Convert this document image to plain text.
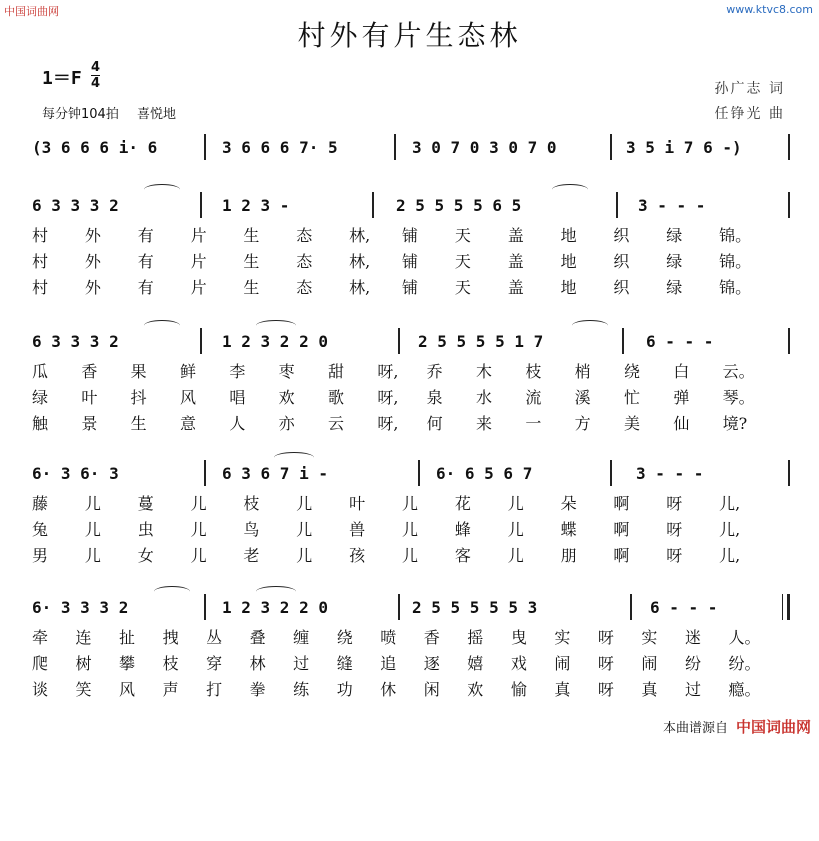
中国词曲网	www.ktvc8.com
村外有片生态林
$1=F \frac{4}{4}$
每分钟104拍 喜悦地
孙广志 词
任铮光 曲

(3 6 6 6 i· 6

	3 6 6 6 7· 5

	3 0 7 0 3 0 7 0

	3 5 i 7 6 -)

6 3 3 3 2

	1 2 3 -

	2 5 5 5 5 6 5

	3 - - -

村 外 有 片 生 态 林, 铺 天 盖 地 织 绿 锦。
村 外 有 片 生 态 林, 铺 天 盖 地 织 绿 锦。
村 外 有 片 生 态 林, 铺 天 盖 地 织 绿 锦。

6 3 3 3 2

	1 2 3 2 2 0

	2 5 5 5 5 1 7

	6 - - -

瓜 香 果 鲜 李 枣 甜 呀, 乔 木 枝 梢 绕 白 云。
绿 叶 抖 风 唱 欢 歌 呀, 泉 水 流 溪 忙 弹 琴。
触 景 生 意 人 亦 云 呀, 何 来 一 方 美 仙 境?

6· 3 6· 3

	6 3 6 7 i -

	6· 6 5 6 7

	3 - - -

藤 儿 蔓 儿 枝 儿 叶 儿 花 儿 朵 啊 呀 儿,
兔 儿 虫 儿 鸟 儿 兽 儿 蜂 儿 蝶 啊 呀 儿,
男 儿 女 儿 老 儿 孩 儿 客 儿 朋 啊 呀 儿,

6· 3 3 3 2

	1 2 3 2 2 0

	2 5 5 5 5 5 3

	6 - - -

牵 连 扯 拽 丛 叠 缠 绕 喷 香 摇 曳 实 呀 实 迷 人。
爬 树 攀 枝 穿 林 过 缝 追 逐 嬉 戏 闹 呀 闹 纷 纷。
谈 笑 风 声 打 拳 练 功 休 闲 欢 愉 真 呀 真 过 瘾。
本曲谱源自 中国词曲网
